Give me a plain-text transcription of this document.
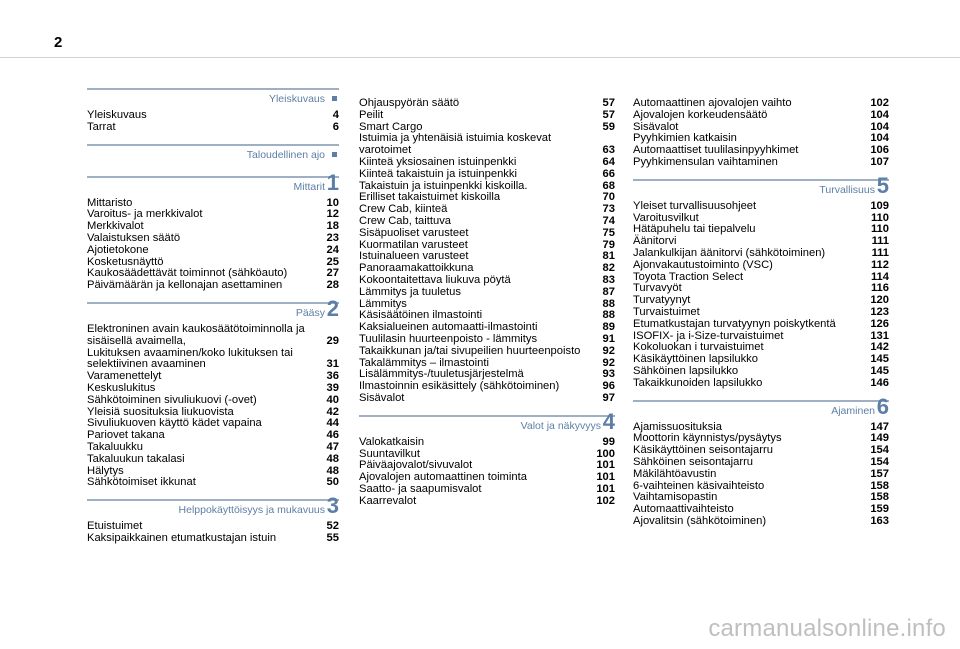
2
Yleiskuvaus
Yleiskuvaus	4
Tarrat	6
Taloudellinen ajo
Mittarit 1
Mittaristo	10
Varoitus- ja merkkivalot	12
Merkkivalot	18
Valaistuksen säätö	23
Ajotietokone	24
Kosketusnäyttö	25
Kaukosäädettävät toiminnot (sähköauto)	27
Päivämäärän ja kellonajan asettaminen	28
Pääsy 2
Elektroninen avain kaukosäätötoiminnolla ja sisäisellä avaimella,	29
Lukituksen avaaminen/koko lukituksen tai selektiivinen avaaminen	31
Varamenettelyt	36
Keskuslukitus	39
Sähkötoiminen sivuliukuovi (-ovet)	40
Yleisiä suosituksia liukuovista	42
Sivuliukuoven käyttö kädet vapaina	44
Pariovet takana	46
Takaluukku	47
Takaluukun takalasi	48
Hälytys	48
Sähkötoimiset ikkunat	50
Helppokäyttöisyys ja mukavuus 3
Etuistuimet	52
Kaksipaikkainen etumatkustajan istuin	55
Ohjauspyörän säätö	57
Peilit	57
Smart Cargo	59
Istuimia ja yhtenäisiä istuimia koskevat varotoimet	63
Kiinteä yksiosainen istuinpenkki	64
Kiinteä takaistuin ja istuinpenkki	66
Takaistuin ja istuinpenkki kiskoilla.	68
Erilliset takaistuimet kiskoilla	70
Crew Cab, kiinteä	73
Crew Cab, taittuva	74
Sisäpuoliset varusteet	75
Kuormatilan varusteet	79
Istuinalueen varusteet	81
Panoraamakattoikkuna	82
Kokoontaitettava liukuva pöytä	83
Lämmitys ja tuuletus	87
Lämmitys	88
Käsisäätöinen ilmastointi	88
Kaksialueinen automaatti-ilmastointi	89
Tuulilasin huurteenpoisto - lämmitys	91
Takaikkunan ja/tai sivupeilien huurteenpoisto	92
Takalämmitys – ilmastointi	92
Lisälämmitys-/tuuletusjärjestelmä	93
Ilmastoinnin esikäsittely (sähkötoiminen)	96
Sisävalot	97
Valot ja näkyvyys 4
Valokatkaisin	99
Suuntavilkut	100
Päiväajovalot/sivuvalot	101
Ajovalojen automaattinen toiminta	101
Saatto- ja saapumisvalot	101
Kaarrevalot	102
Automaattinen ajovalojen vaihto	102
Ajovalojen korkeudensäätö	104
Sisävalot	104
Pyyhkimien katkaisin	104
Automaattiset tuulilasinpyyhkimet	106
Pyyhkimensulan vaihtaminen	107
Turvallisuus 5
Yleiset turvallisuusohjeet	109
Varoitusvilkut	110
Hätäpuhelu tai tiepalvelu	110
Äänitorvi	111
Jalankulkijan äänitorvi (sähkötoiminen)	111
Ajonvakautustoiminto (VSC)	112
Toyota Traction Select	114
Turvavyöt	116
Turvatyynyt	120
Turvaistuimet	123
Etumatkustajan turvatyynyn poiskytkentä	126
ISOFIX- ja i-Size-turvaistuimet	131
Kokoluokan i turvaistuimet	142
Käsikäyttöinen lapsilukko	145
Sähköinen lapsilukko	145
Takaikkunoiden lapsilukko	146
Ajaminen 6
Ajamissuosituksia	147
Moottorin käynnistys/pysäytys	149
Käsikäyttöinen seisontajarru	154
Sähköinen seisontajarru	154
Mäkilähtöavustin	157
6-vaihteinen käsivaihteisto	158
Vaihtamisopastin	158
Automaattivaihteisto	159
Ajovalitsin (sähkötoiminen)	163
carmanualsonline.info
